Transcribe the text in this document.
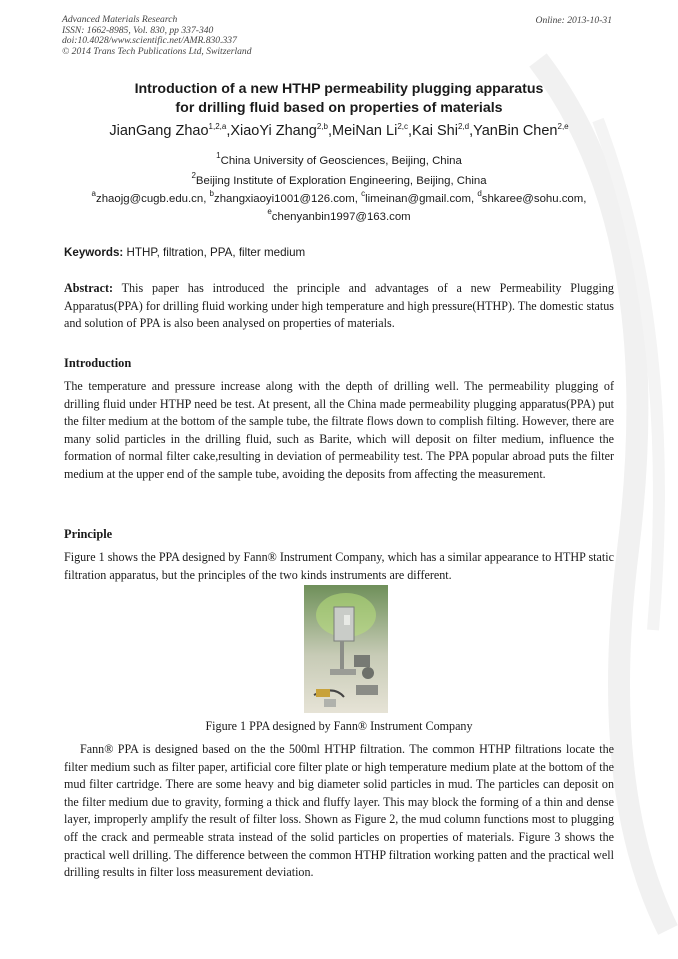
Advanced Materials Research
ISSN: 1662-8985, Vol. 830, pp 337-340
doi:10.4028/www.scientific.net/AMR.830.337
© 2014 Trans Tech Publications Ltd, Switzerland
Online: 2013-10-31
Introduction of a new HTHP permeability plugging apparatus
for drilling fluid based on properties of materials
JianGang Zhao$^{1,2,a}$,XiaoYi Zhang$^{2,b}$,MeiNan Li$^{2,c}$,Kai Shi$^{2,d}$,YanBin Chen$^{2,e}$
$^1$China University of Geosciences, Beijing, China
$^2$Beijing Institute of Exploration Engineering, Beijing, China
$^a$zhaojg@cugb.edu.cn, $^b$zhangxiaoyi1001@126.com, $^c$limeinan@gmail.com, $^d$shkaree@sohu.com,
$^e$chenyanbin1997@163.com
Keywords: HTHP, filtration, PPA, filter medium
Abstract: This paper has introduced the principle and advantages of a new Permeability Plugging Apparatus(PPA) for drilling fluid working under high temperature and high pressure(HTHP). The domestic status and solution of PPA is also been analysed on properties of materials.
Introduction
The temperature and pressure increase along with the depth of drilling well. The permeability plugging of drilling fluid under HTHP need be test. At present, all the China made permeability plugging apparatus(PPA) put the filter medium at the bottom of the sample tube, the filtrate flows down to complish filting. However, there are many solid particles in the drilling fluid, such as Barite, which will deposit on filter medium, influence the formation of normal filter cake,resulting in deviation of permeability test. The PPA popular abroad puts the filter medium at the upper end of the sample tube, avoiding the deposits from affecting the measurement.
Principle
Figure 1 shows the PPA designed by Fann® Instrument Company, which has a similar appearance to HTHP static filtration apparatus, but the principles of the two kinds instruments are different.
Figure 1 PPA designed by Fann® Instrument Company
Fann® PPA is designed based on the the 500ml HTHP filtration. The common HTHP filtrations locate the filter medium such as filter paper, artificial core filter plate or high temperature medium plate at the bottom of the mud filter cartridge. There are some heavy and big diameter solid particles in mud. The particles can deposit on the filter medium due to gravity, forming a thick and fluffy layer. This may block the forming of a thin and dense layer, improperly amplify the result of filter loss. Shown as Figure 2, the mud column functions most to plugging off the crack and permeable strata instead of the solid particles on properties of materials. Figure 3 shows the practical well drilling. The difference between the common HTHP filtration working patten and the practical well drilling results in filter loss measurement deviation.
